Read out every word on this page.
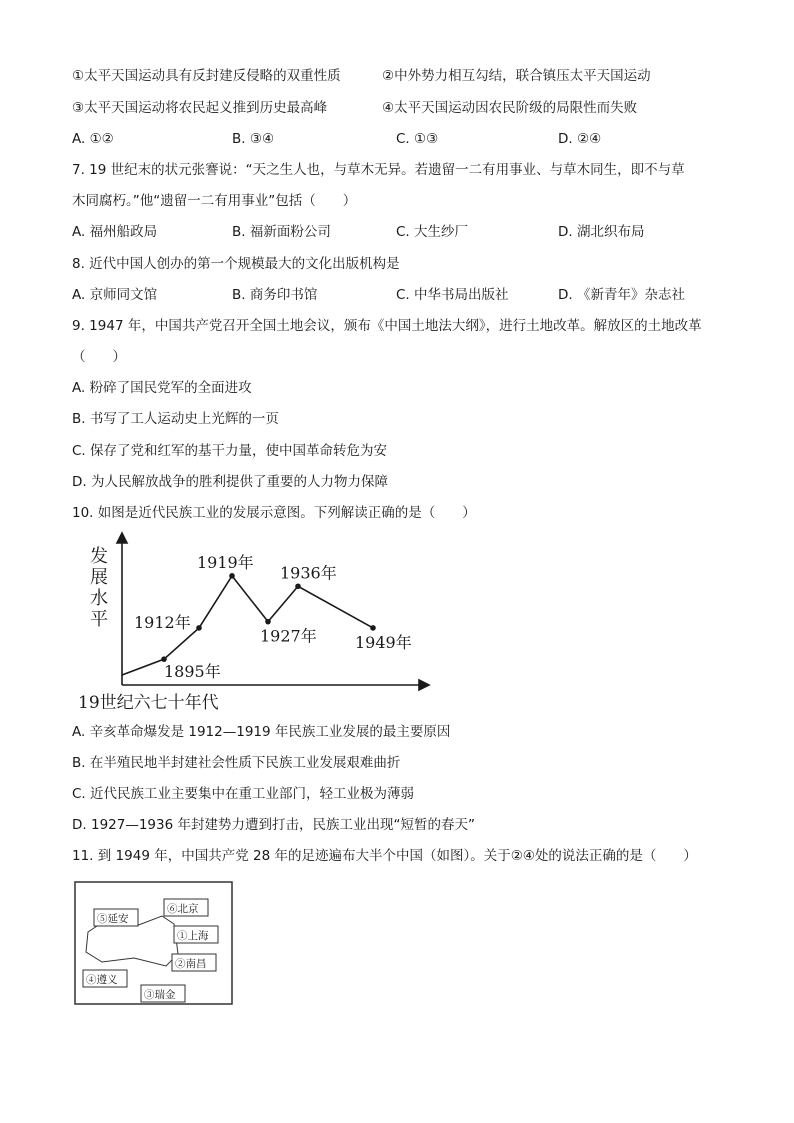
①太平天国运动具有反封建反侵略的双重性质	②中外势力相互勾结，联合镇压太平天国运动
③太平天国运动将农民起义推到历史最高峰	④太平天国运动因农民阶级的局限性而失败
A. ①②	B. ③④	C. ①③	D. ②④
7. 19 世纪末的状元张謇说：“天之生人也，与草木无异。若遗留一二有用事业、与草木同生，即不与草
木同腐朽。”他“遗留一二有用事业”包括（　　）
A. 福州船政局	B. 福新面粉公司	C. 大生纱厂	D. 湖北织布局
8. 近代中国人创办的第一个规模最大的文化出版机构是
A. 京师同文馆	B. 商务印书馆	C. 中华书局出版社	D. 《新青年》杂志社
9. 1947 年，中国共产党召开全国土地会议，颁布《中国土地法大纲》，进行土地改革。解放区的土地改革
（　　）
A. 粉碎了国民党军的全面进攻
B. 书写了工人运动史上光辉的一页
C. 保存了党和红军的基干力量，使中国革命转危为安
D. 为人民解放战争的胜利提供了重要的人力物力保障
10. 如图是近代民族工业的发展示意图。下列解读正确的是（　　）
发展水平
19世纪六七十年代
1895年
1912年
1919年
1927年
1936年
1949年
A. 辛亥革命爆发是 1912—1919 年民族工业发展的最主要原因
B. 在半殖民地半封建社会性质下民族工业发展艰难曲折
C. 近代民族工业主要集中在重工业部门，轻工业极为薄弱
D. 1927—1936 年封建势力遭到打击，民族工业出现“短暂的春天”
11. 到 1949 年，中国共产党 28 年的足迹遍布大半个中国（如图）。关于②④处的说法正确的是（　　）
⑤延安
⑥北京
①上海
②南昌
④遵义
③瑞金
